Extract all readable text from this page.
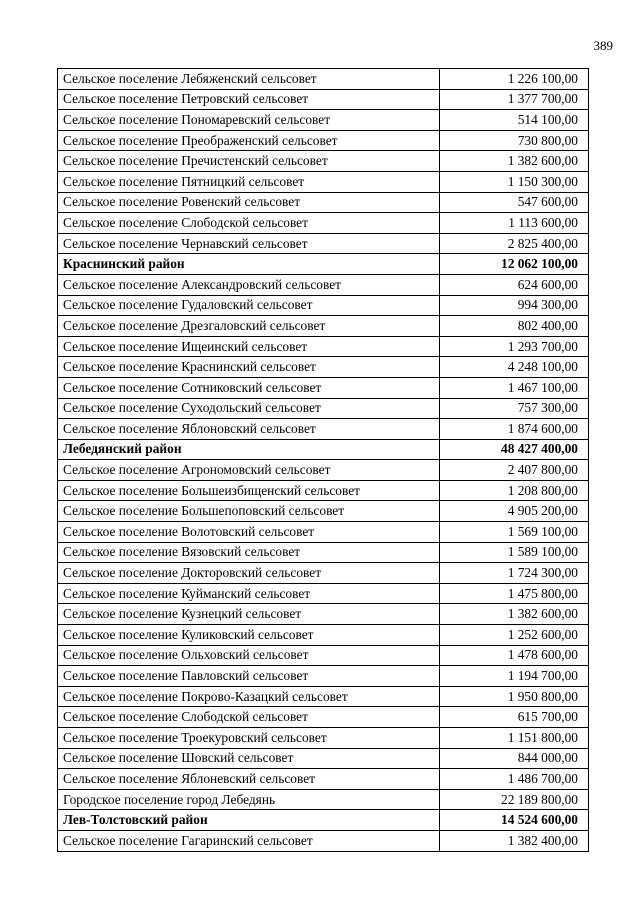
389
Сельское поселение Лебяженский сельсовет	1 226 100,00
Сельское поселение Петровский сельсовет	1 377 700,00
Сельское поселение Пономаревский сельсовет	514 100,00
Сельское поселение Преображенский сельсовет	730 800,00
Сельское поселение Пречистенский сельсовет	1 382 600,00
Сельское поселение Пятницкий сельсовет	1 150 300,00
Сельское поселение Ровенский сельсовет	547 600,00
Сельское поселение Слободской сельсовет	1 113 600,00
Сельское поселение Чернавский сельсовет	2 825 400,00
Краснинский район	12 062 100,00
Сельское поселение Александровский сельсовет	624 600,00
Сельское поселение Гудаловский сельсовет	994 300,00
Сельское поселение Дрезгаловский сельсовет	802 400,00
Сельское поселение Ищеинский сельсовет	1 293 700,00
Сельское поселение Краснинский сельсовет	4 248 100,00
Сельское поселение Сотниковский сельсовет	1 467 100,00
Сельское поселение Суходольский сельсовет	757 300,00
Сельское поселение Яблоновский сельсовет	1 874 600,00
Лебедянский район	48 427 400,00
Сельское поселение Агрономовский сельсовет	2 407 800,00
Сельское поселение Большеизбищенский сельсовет	1 208 800,00
Сельское поселение Большепоповский сельсовет	4 905 200,00
Сельское поселение Волотовский сельсовет	1 569 100,00
Сельское поселение Вязовский сельсовет	1 589 100,00
Сельское поселение Докторовский сельсовет	1 724 300,00
Сельское поселение Куйманский сельсовет	1 475 800,00
Сельское поселение Кузнецкий сельсовет	1 382 600,00
Сельское поселение Куликовский сельсовет	1 252 600,00
Сельское поселение Ольховский сельсовет	1 478 600,00
Сельское поселение Павловский сельсовет	1 194 700,00
Сельское поселение Покрово-Казацкий сельсовет	1 950 800,00
Сельское поселение Слободской сельсовет	615 700,00
Сельское поселение Троекуровский сельсовет	1 151 800,00
Сельское поселение Шовский сельсовет	844 000,00
Сельское поселение Яблоневский сельсовет	1 486 700,00
Городское поселение город Лебедянь	22 189 800,00
Лев-Толстовский район	14 524 600,00
Сельское поселение Гагаринский сельсовет	1 382 400,00
